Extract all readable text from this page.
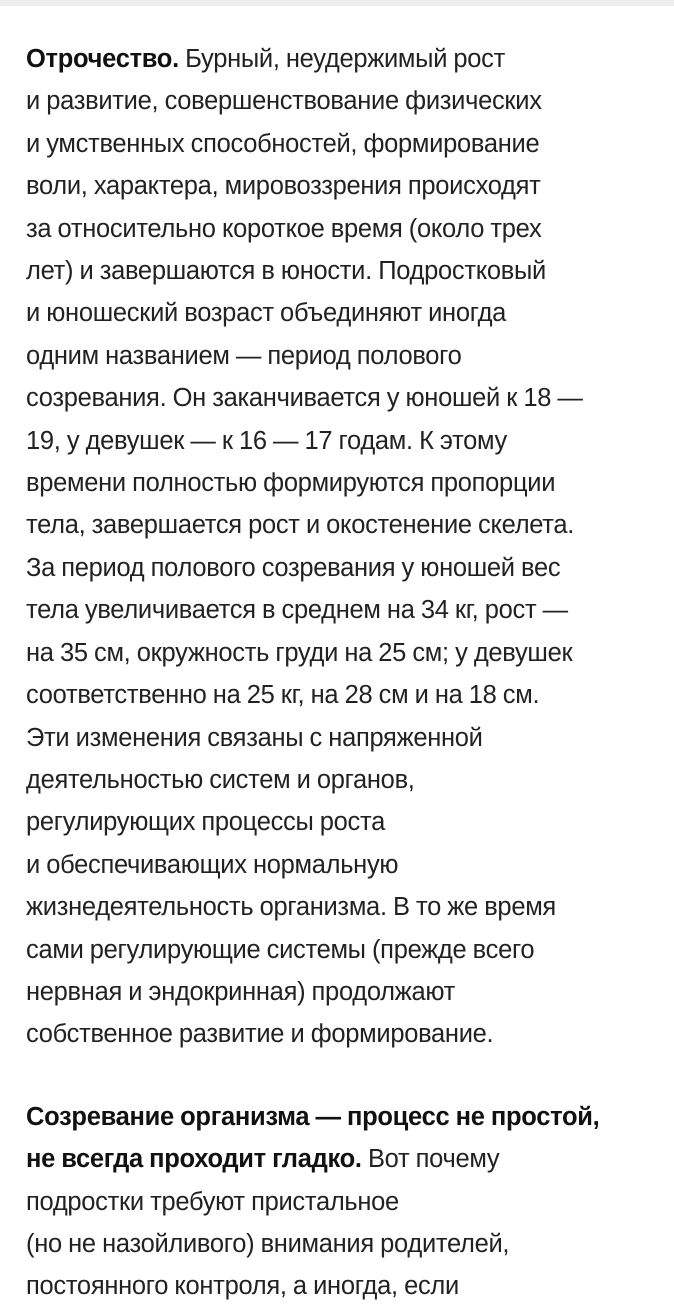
Отрочество. Бурный, неудержимый рост
и развитие, совершенствование физических
и умственных способностей, формирование
воли, характера, мировоззрения происходят
за относительно короткое время (около трех
лет) и завершаются в юности. Подростковый
и юношеский возраст объединяют иногда
одним названием — период полового
созревания. Он заканчивается у юношей к 18 —
19, у девушек — к 16 — 17 годам. К этому
времени полностью формируются пропорции
тела, завершается рост и окостенение скелета.
За период полового созревания у юношей вес
тела увеличивается в среднем на 34 кг, рост —
на 35 см, окружность груди на 25 см; у девушек
соответственно на 25 кг, на 28 см и на 18 см.
Эти изменения связаны с напряженной
деятельностью систем и органов,
регулирующих процессы роста
и обеспечивающих нормальную
жизнедеятельность организма. В то же время
сами регулирующие системы (прежде всего
нервная и эндокринная) продолжают
собственное развитие и формирование.

Созревание организма — процесс не простой,
не всегда проходит гладко. Вот почему
подростки требуют пристальное
(но не назойливого) внимания родителей,
постоянного контроля, а иногда, если
